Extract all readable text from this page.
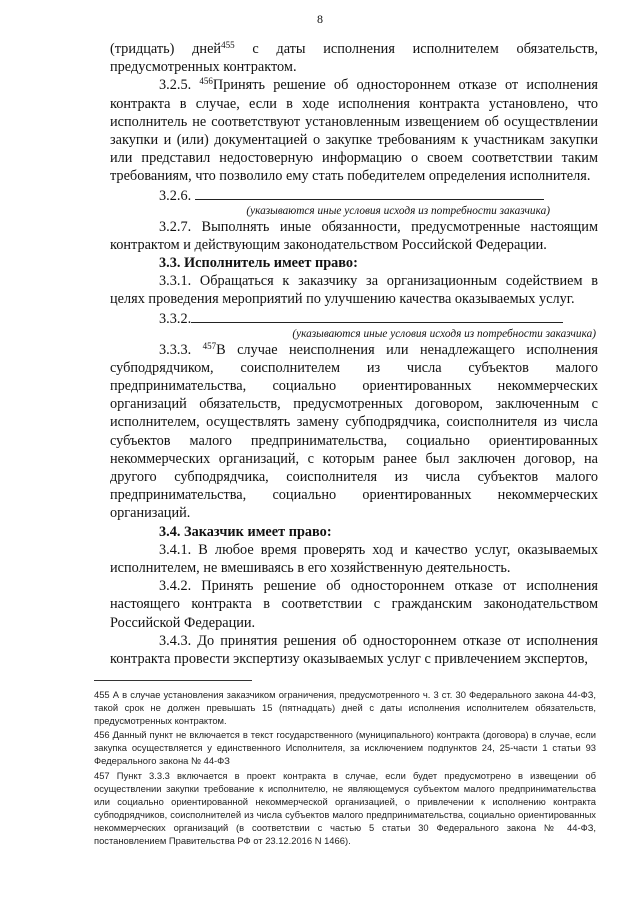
8

(тридцать) дней$^{455}$ с даты исполнения исполнителем обязательств, предусмотренных контрактом.

3.2.5. $^{456}$Принять решение об одностороннем отказе от исполнения контракта в случае, если в ходе исполнения контракта установлено, что исполнитель не соответствуют установленным извещением об осуществлении закупки и (или) документацией о закупке требованиям к участникам закупки или представил недостоверную информацию о своем соответствии таким требованиям, что позволило ему стать победителем определения исполнителя.

3.2.6.

(указываются иные условия исходя из потребности заказчика)

3.2.7. Выполнять иные обязанности, предусмотренные настоящим контрактом и действующим законодательством Российской Федерации.

3.3. Исполнитель имеет право:

3.3.1. Обращаться к заказчику за организационным содействием в целях проведения мероприятий по улучшению качества оказываемых услуг.

3.3.2.

(указываются иные условия исходя из потребности заказчика)

3.3.3. $^{457}$В случае неисполнения или ненадлежащего исполнения субподрядчиком, соисполнителем из числа субъектов малого предпринимательства, социально ориентированных некоммерческих организаций обязательств, предусмотренных договором, заключенным с исполнителем, осуществлять замену субподрядчика, соисполнителя из числа субъектов малого предпринимательства, социально ориентированных некоммерческих организаций, с которым ранее был заключен договор, на другого субподрядчика, соисполнителя из числа субъектов малого предпринимательства, социально ориентированных некоммерческих организаций.

3.4. Заказчик имеет право:

3.4.1. В любое время проверять ход и качество услуг, оказываемых исполнителем, не вмешиваясь в его хозяйственную деятельность.

3.4.2. Принять решение об одностороннем отказе от исполнения настоящего контракта в соответствии с гражданским законодательством Российской Федерации.

3.4.3. До принятия решения об одностороннем отказе от исполнения контракта провести экспертизу оказываемых услуг с привлечением экспертов,

455 А в случае установления заказчиком ограничения, предусмотренного ч. 3 ст. 30 Федерального закона 44-ФЗ, такой срок не должен превышать 15 (пятнадцать) дней с даты исполнения исполнителем обязательств, предусмотренных контрактом.

456 Данный пункт не включается в текст государственного (муниципального) контракта (договора) в случае, если закупка осуществляется у единственного Исполнителя, за исключением подпунктов 24, 25-части 1 статьи 93 Федерального закона № 44-ФЗ

457 Пункт 3.3.3 включается в проект контракта в случае, если будет предусмотрено в извещении об осуществлении закупки требование к исполнителю, не являющемуся субъектом малого предпринимательства или социально ориентированной некоммерческой организацией, о привлечении к исполнению контракта субподрядчиков, соисполнителей из числа субъектов малого предпринимательства, социально ориентированных некоммерческих организаций (в соответствии с частью 5 статьи 30 Федерального закона № 44-ФЗ, постановлением Правительства РФ от 23.12.2016 N 1466).
